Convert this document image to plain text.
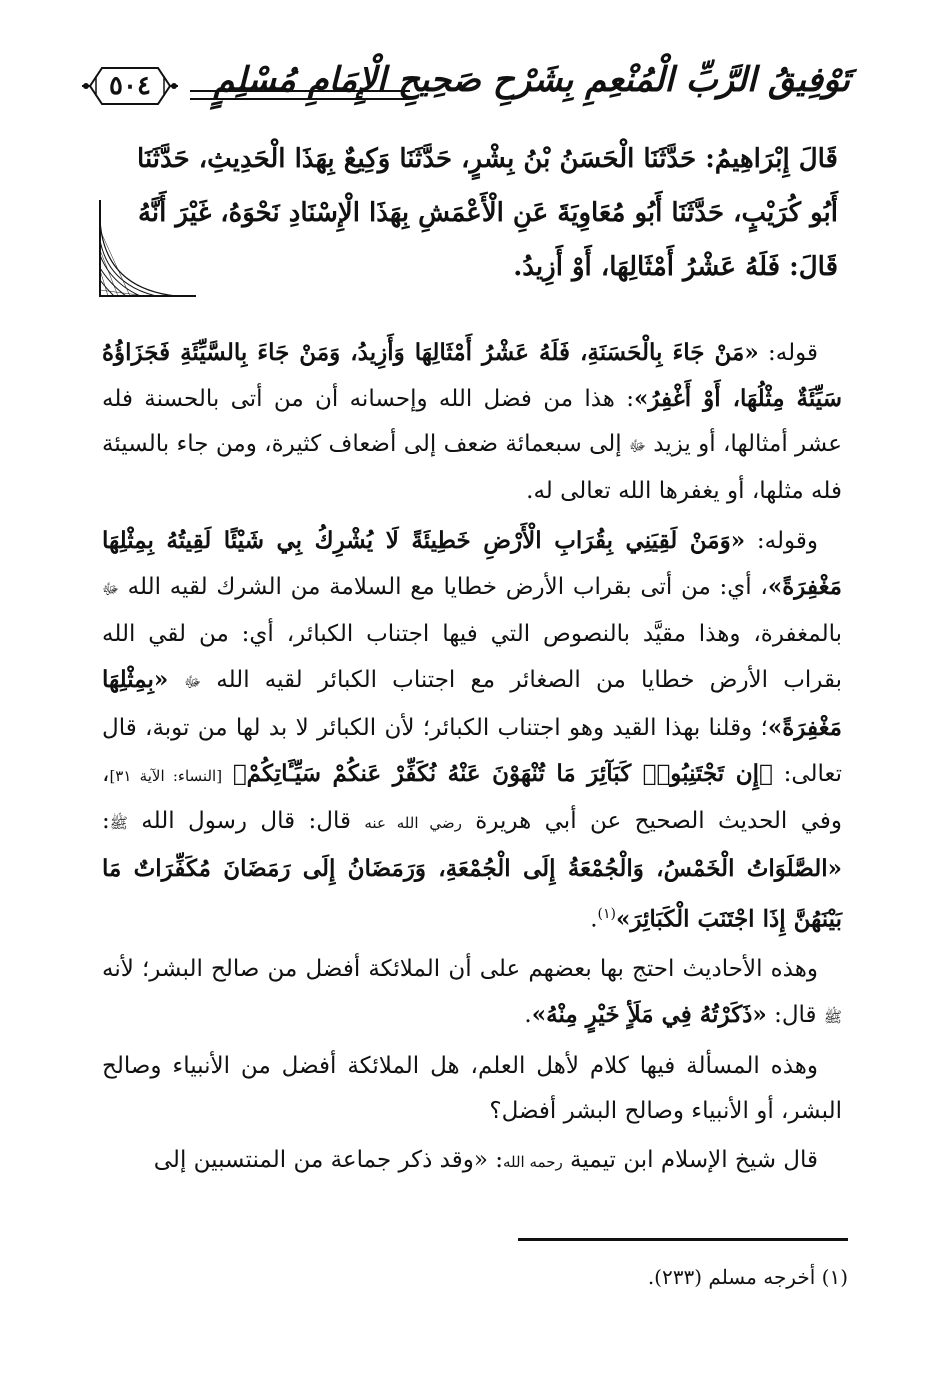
تَوْفِيقُ الرَّبِّ الْمُنْعِمِ بِشَرْحِ صَحِيحِ الْإِمَامِ مُسْلِمٍ
٥٠٤
قَالَ إِبْرَاهِيمُ: حَدَّثَنَا الْحَسَنُ بْنُ بِشْرٍ، حَدَّثَنَا وَكِيعٌ بِهَذَا الْحَدِيثِ، حَدَّثَنَا
أَبُو كُرَيْبٍ، حَدَّثَنَا أَبُو مُعَاوِيَةَ عَنِ الْأَعْمَشِ بِهَذَا الْإِسْنَادِ نَحْوَهُ، غَيْرَ أَنَّهُ
قَالَ: فَلَهُ عَشْرُ أَمْثَالِهَا، أَوْ أَزِيدُ.

قوله: «مَنْ جَاءَ بِالْحَسَنَةِ، فَلَهُ عَشْرُ أَمْثَالِهَا وَأَزِيدُ، وَمَنْ جَاءَ بِالسَّيِّئَةِ فَجَزَاؤُهُ سَيِّئَةٌ مِثْلُهَا، أَوْ أَغْفِرُ»: هذا من فضل الله وإحسانه أن من أتى بالحسنة فله عشر أمثالها، أو يزيد ﷻ إلى سبعمائة ضعف إلى أضعاف كثيرة، ومن جاء بالسيئة فله مثلها، أو يغفرها الله تعالى له.

وقوله: «وَمَنْ لَقِيَنِي بِقُرَابِ الْأَرْضِ خَطِيئَةً لَا يُشْرِكُ بِي شَيْئًا لَقِيتُهُ بِمِثْلِهَا مَغْفِرَةً»، أي: من أتى بقراب الأرض خطايا مع السلامة من الشرك لقيه الله ﷻ بالمغفرة، وهذا مقيَّد بالنصوص التي فيها اجتناب الكبائر، أي: من لقي الله بقراب الأرض خطايا من الصغائر مع اجتناب الكبائر لقيه الله ﷻ «بِمِثْلِهَا مَغْفِرَةً»؛ وقلنا بهذا القيد وهو اجتناب الكبائر؛ لأن الكبائر لا بد لها من توبة، قال تعالى: ﴿إِن تَجْتَنِبُوا۟ كَبَآئِرَ مَا تُنْهَوْنَ عَنْهُ نُكَفِّرْ عَنكُمْ سَيِّـَٔاتِكُمْ﴾ [النساء: الآية ٣١]، وفي الحديث الصحيح عن أبي هريرة رضي الله عنه قال: قال رسول الله ﷺ: «الصَّلَوَاتُ الْخَمْسُ، وَالْجُمْعَةُ إِلَى الْجُمْعَةِ، وَرَمَضَانُ إِلَى رَمَضَانَ مُكَفِّرَاتٌ مَا بَيْنَهُنَّ إِذَا اجْتَنَبَ الْكَبَائِرَ»$^{(١)}$.

وهذه الأحاديث احتج بها بعضهم على أن الملائكة أفضل من صالح البشر؛ لأنه ﷺ قال: «ذَكَرْتُهُ فِي مَلَأٍ خَيْرٍ مِنْهُ».

وهذه المسألة فيها كلام لأهل العلم، هل الملائكة أفضل من الأنبياء وصالح البشر، أو الأنبياء وصالح البشر أفضل؟

قال شيخ الإسلام ابن تيمية رحمه الله: «وقد ذكر جماعة من المنتسبين إلى

(١) أخرجه مسلم (٢٣٣).
